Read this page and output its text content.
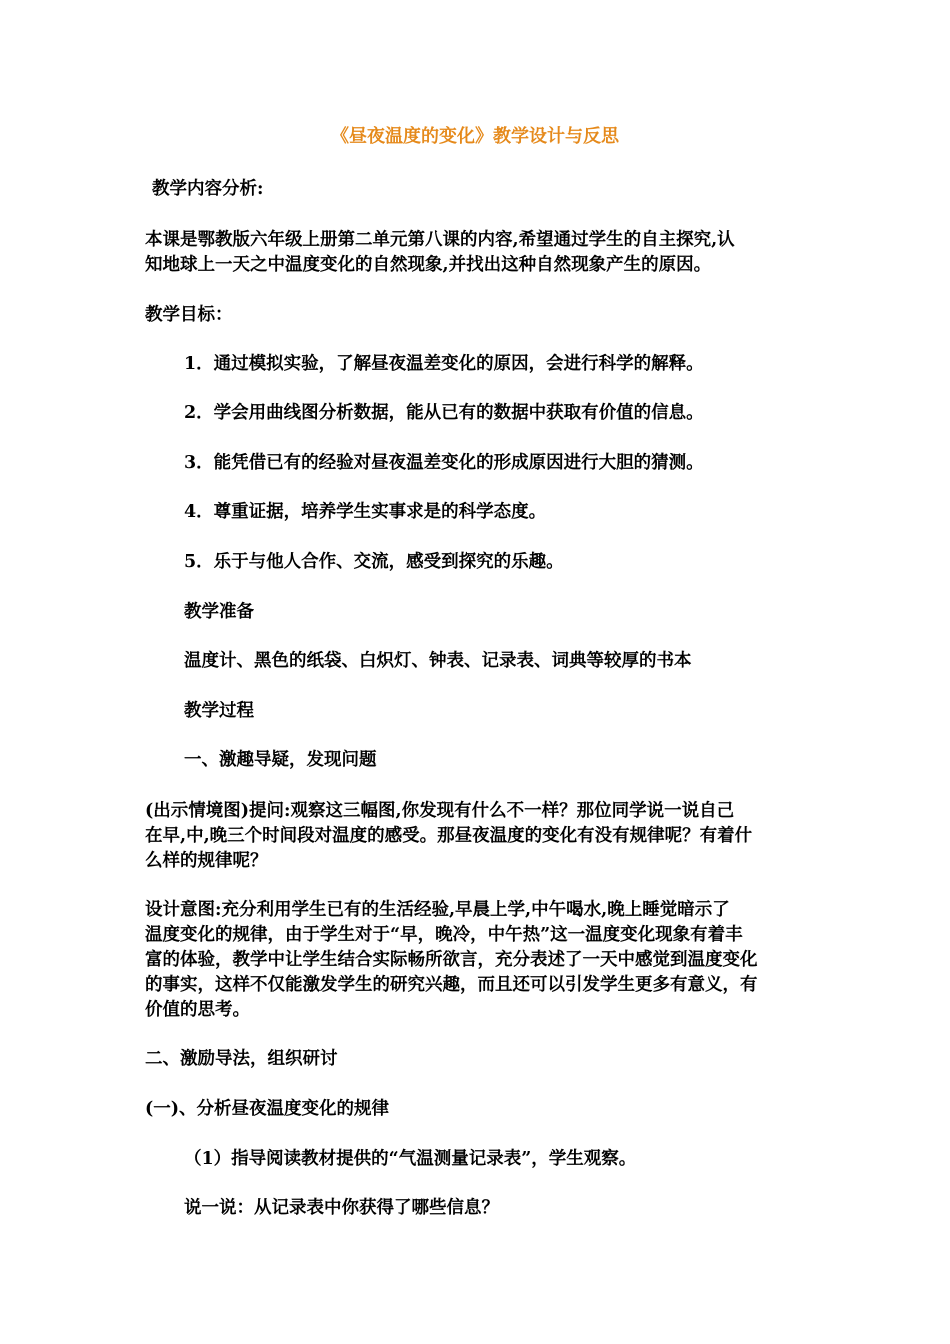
《昼夜温度的变化》教学设计与反思

教学内容分析:

本课是鄂教版六年级上册第二单元第八课的内容,希望通过学生的自主探究,认

知地球上一天之中温度变化的自然现象,并找出这种自然现象产生的原因。

教学目标：

1．通过模拟实验，了解昼夜温差变化的原因，会进行科学的解释。

2．学会用曲线图分析数据，能从已有的数据中获取有价值的信息。

3．能凭借已有的经验对昼夜温差变化的形成原因进行大胆的猜测。

4．尊重证据，培养学生实事求是的科学态度。

5．乐于与他人合作、交流，感受到探究的乐趣。

教学准备

温度计、黑色的纸袋、白炽灯、钟表、记录表、词典等较厚的书本

教学过程

一、激趣导疑，发现问题

(出示情境图)提问:观察这三幅图,你发现有什么不一样？那位同学说一说自己

在早,中,晚三个时间段对温度的感受。那昼夜温度的变化有没有规律呢？有着什

么样的规律呢？

设计意图:充分利用学生已有的生活经验,早晨上学,中午喝水,晚上睡觉暗示了

温度变化的规律，由于学生对于“早，晚冷，中午热”这一温度变化现象有着丰

富的体验，教学中让学生结合实际畅所欲言，充分表述了一天中感觉到温度变化

的事实，这样不仅能激发学生的研究兴趣，而且还可以引发学生更多有意义，有

价值的思考。

二、激励导法，组织研讨

(一)、分析昼夜温度变化的规律

（1）指导阅读教材提供的“气温测量记录表”，学生观察。

说一说：从记录表中你获得了哪些信息？
